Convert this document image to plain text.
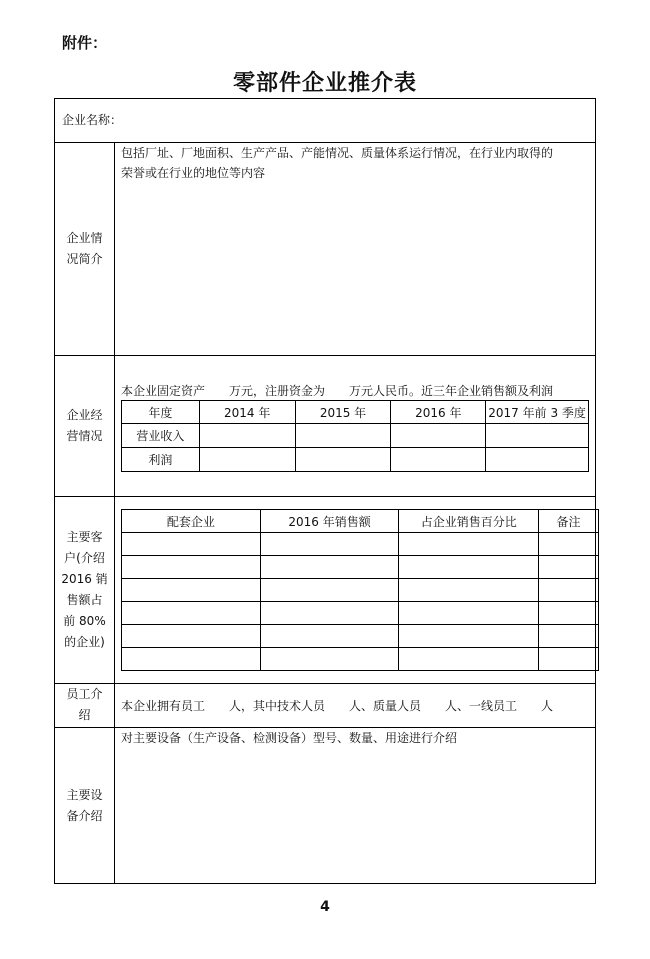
附件：
零部件企业推介表
企业名称：
企业情
况简介
包括厂址、厂地面积、生产产品、产能情况、质量体系运行情况，在行业内取得的
荣誉或在行业的地位等内容
企业经
营情况
本企业固定资产　　万元，注册资金为　　万元人民币。近三年企业销售额及利润
年度	2014 年	2015 年	2016 年	2017 年前 3 季度
营业收入				
利润				
主要客
户(介绍
2016 销
售额占
前 80%
的企业)
配套企业	2016 年销售额	占企业销售百分比	备注

员工介
绍
本企业拥有员工　　人，其中技术人员　　人、质量人员　　人、一线员工　　人
主要设
备介绍
对主要设备（生产设备、检测设备）型号、数量、用途进行介绍
4
